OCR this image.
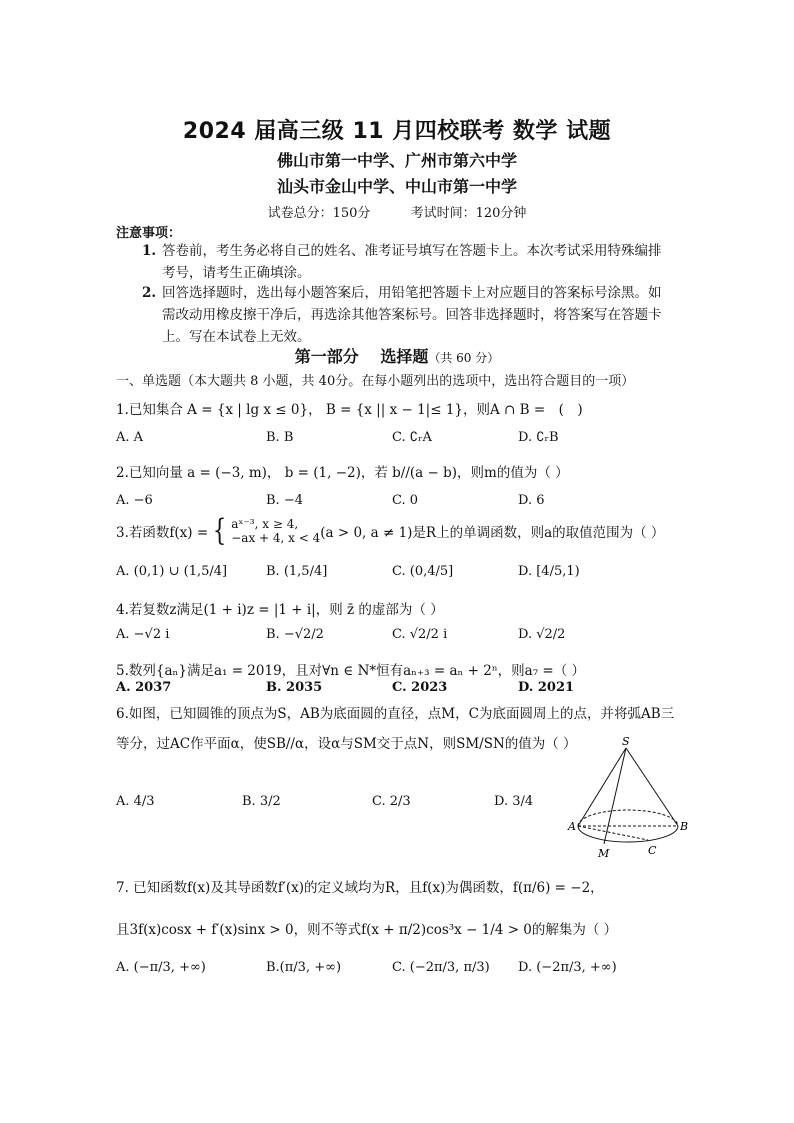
2024 届高三级 11 月四校联考 数学 试题
佛山市第一中学、广州市第六中学
汕头市金山中学、中山市第一中学
试卷总分：150分	考试时间：120分钟
注意事项：
1. 答卷前，考生务必将自己的姓名、准考证号填写在答题卡上。本次考试采用特殊编排
考号，请考生正确填涂。
2. 回答选择题时，选出每小题答案后，用铅笔把答题卡上对应题目的答案标号涂黑。如
需改动用橡皮擦干净后，再选涂其他答案标号。回答非选择题时，将答案写在答题卡
上。写在本试卷上无效。
第一部分　 选择题（共 60 分）
一、单选题（本大题共 8 小题，共 40分。在每小题列出的选项中，选出符合题目的一项）
1.已知集合 A = {x | lg x ≤ 0}， B = {x || x − 1|≤ 1}，则A ∩ B =　(　)
A. A	B. B	C. ∁ᵣA	D. ∁ᵣB
2.已知向量 a = (−3, m)， b = (1, −2)，若 b//(a − b)，则m的值为（ ）
A. −6	B. −4	C. 0	D. 6
3.若函数f(x) = { aˣ⁻³, x ≥ 4,
−ax + 4, x < 4 (a > 0, a ≠ 1)是R上的单调函数，则a的取值范围为（ ）
A. (0,1) ∪ (1,5/4]	B. (1,5/4]	C. (0,4/5]	D. [4/5,1)
4.若复数z满足(1 + i)z = |1 + i|，则 z̄ 的虚部为（ ）
A. −√2 i	B. −√2/2	C. √2/2 i	D. √2/2
5.数列{aₙ}满足a₁ = 2019，且对∀n ∈ N*恒有aₙ₊₃ = aₙ + 2ⁿ，则a₇ =（ ）
A. 2037	B. 2035	C. 2023	D. 2021
6.如图，已知圆锥的顶点为S，AB为底面圆的直径，点M，C为底面圆周上的点，并将弧AB三
等分，过AC作平面α，使SB//α，设α与SM交于点N，则SM/SN的值为（ ）
A. 4/3	B. 3/2	C. 2/3	D. 3/4
S
A	B
M	C
7. 已知函数f(x)及其导函数f′(x)的定义域均为R，且f(x)为偶函数，f(π/6) = −2，
且3f(x)cosx + f′(x)sinx > 0，则不等式f(x + π/2)cos³x − 1/4 > 0的解集为（ ）
A. (−π/3, +∞)	B.(π/3, +∞)	C. (−2π/3, π/3) D. (−2π/3, +∞)
